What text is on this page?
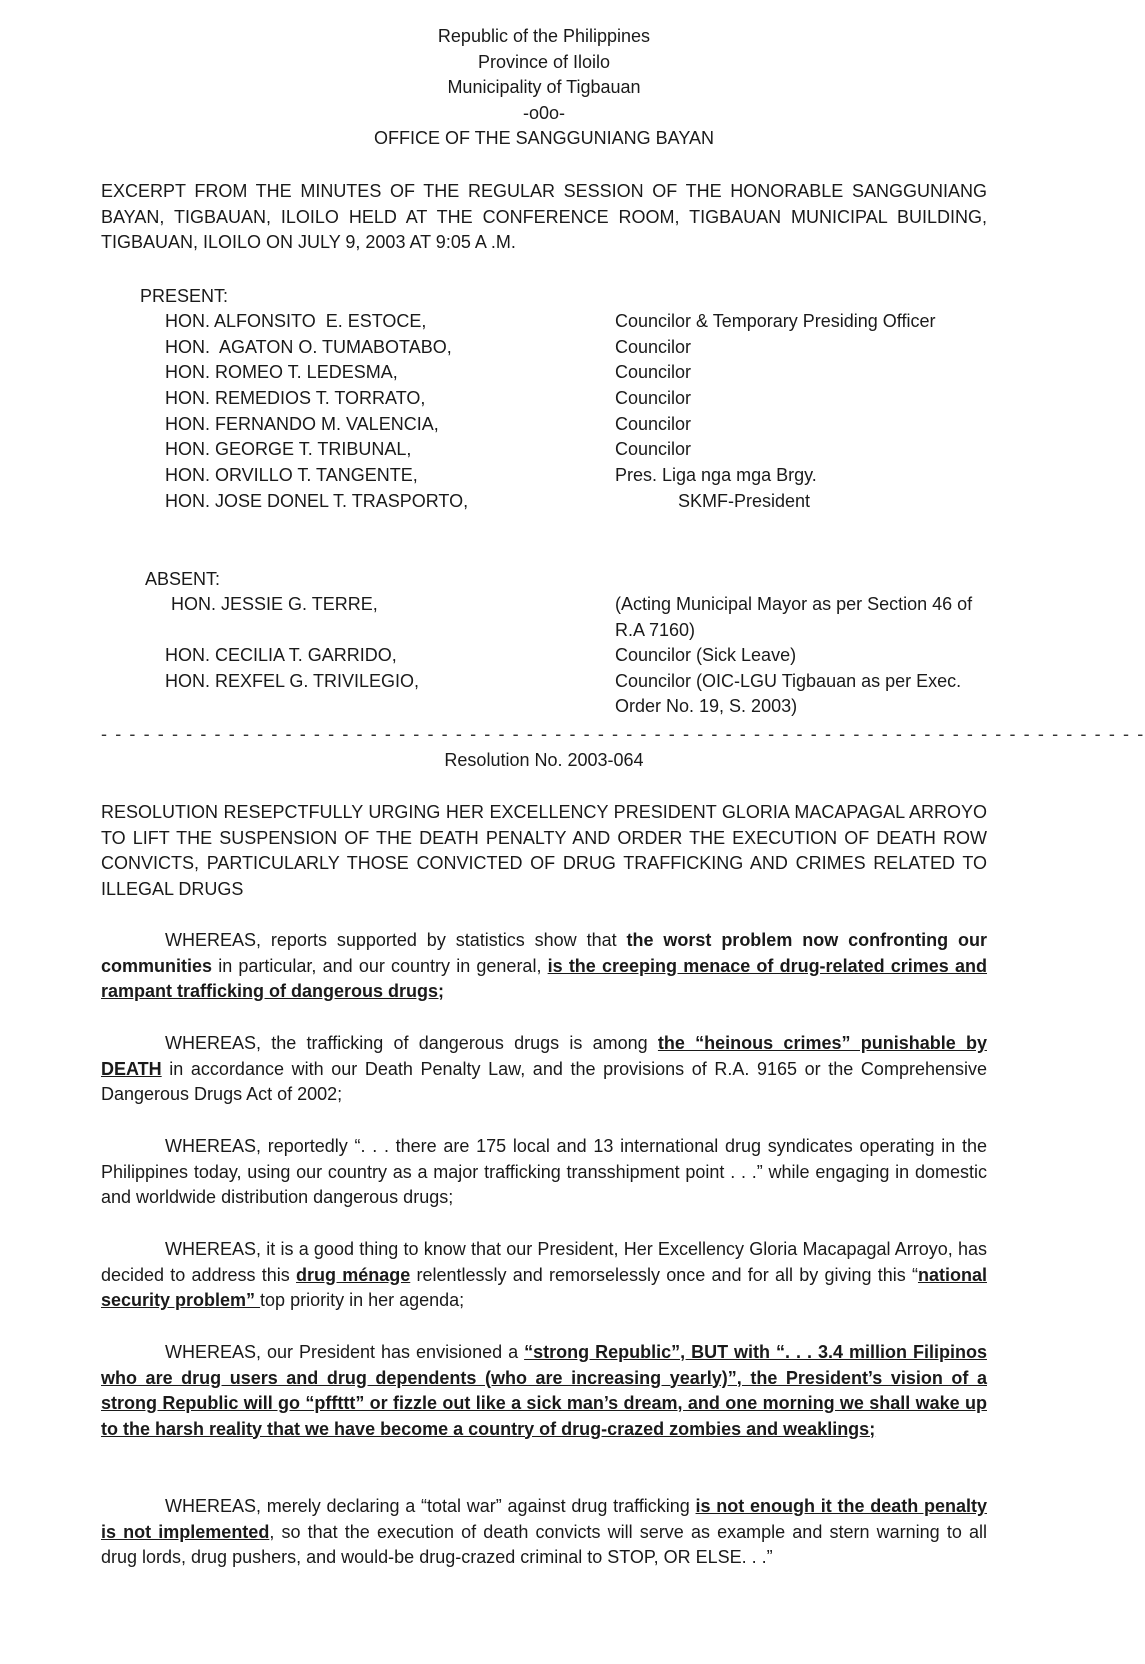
Republic of the Philippines
Province of Iloilo
Municipality of Tigbauan
-o0o-
OFFICE OF THE SANGGUNIANG BAYAN
EXCERPT FROM THE MINUTES OF THE REGULAR SESSION OF THE HONORABLE SANGGUNIANG BAYAN, TIGBAUAN, ILOILO HELD AT THE CONFERENCE ROOM, TIGBAUAN MUNICIPAL BUILDING, TIGBAUAN, ILOILO ON JULY 9, 2003 AT 9:05 A .M.
PRESENT:
HON. ALFONSITO  E. ESTOCE,	Councilor & Temporary Presiding Officer
HON.  AGATON O. TUMABOTABO,	Councilor
HON. ROMEO T. LEDESMA,	Councilor
HON. REMEDIOS T. TORRATO,	Councilor
HON. FERNANDO M. VALENCIA,	Councilor
HON. GEORGE T. TRIBUNAL,	Councilor
HON. ORVILLO T. TANGENTE,	Pres. Liga nga mga Brgy.
HON. JOSE DONEL T. TRASPORTO,	SKMF-President
ABSENT:
HON. JESSIE G. TERRE,	(Acting Municipal Mayor as per Section 46 of R.A 7160)
HON. CECILIA T. GARRIDO,	Councilor (Sick Leave)
HON. REXFEL G. TRIVILEGIO,	Councilor (OIC-LGU Tigbauan as per Exec. Order No. 19, S. 2003)
- - - - - - - - - - - - - - - - - - - - - - - - - - - - - - - - - - - - - - - - - - - - - - - - - - - - - - - - - - - - - - - - - - - - - - - - - -
Resolution No. 2003-064
RESOLUTION RESEPCTFULLY URGING HER EXCELLENCY PRESIDENT GLORIA MACAPAGAL ARROYO TO LIFT THE SUSPENSION OF THE DEATH PENALTY AND ORDER THE EXECUTION OF DEATH ROW CONVICTS, PARTICULARLY THOSE CONVICTED OF DRUG TRAFFICKING AND CRIMES RELATED TO ILLEGAL DRUGS

WHEREAS, reports supported by statistics show that the worst problem now confronting our communities in particular, and our country in general, is the creeping menace of drug-related crimes and rampant trafficking of dangerous drugs;

WHEREAS, the trafficking of dangerous drugs is among the “heinous crimes” punishable by DEATH in accordance with our Death Penalty Law, and the provisions of R.A. 9165 or the Comprehensive Dangerous Drugs Act of 2002;

WHEREAS, reportedly “. . . there are 175 local and 13 international drug syndicates operating in the Philippines today, using our country as a major trafficking transshipment point . . .” while engaging in domestic and worldwide distribution dangerous drugs;

WHEREAS, it is a good thing to know that our President, Her Excellency Gloria Macapagal Arroyo, has decided to address this drug ménage relentlessly and remorselessly once and for all by giving this “national security problem” top priority in her agenda;

WHEREAS, our President has envisioned a “strong Republic”, BUT with “. . . 3.4 million Filipinos who are drug users and drug dependents (who are increasing yearly)”, the President’s vision of a strong Republic will go “pffttt” or fizzle out like a sick man’s dream, and one morning we shall wake up to the harsh reality that we have become a country of drug-crazed zombies and weaklings;

WHEREAS, merely declaring a “total war” against drug trafficking is not enough it the death penalty is not implemented, so that the execution of death convicts will serve as example and stern warning to all drug lords, drug pushers, and would-be drug-crazed criminal to STOP, OR ELSE. . .”
